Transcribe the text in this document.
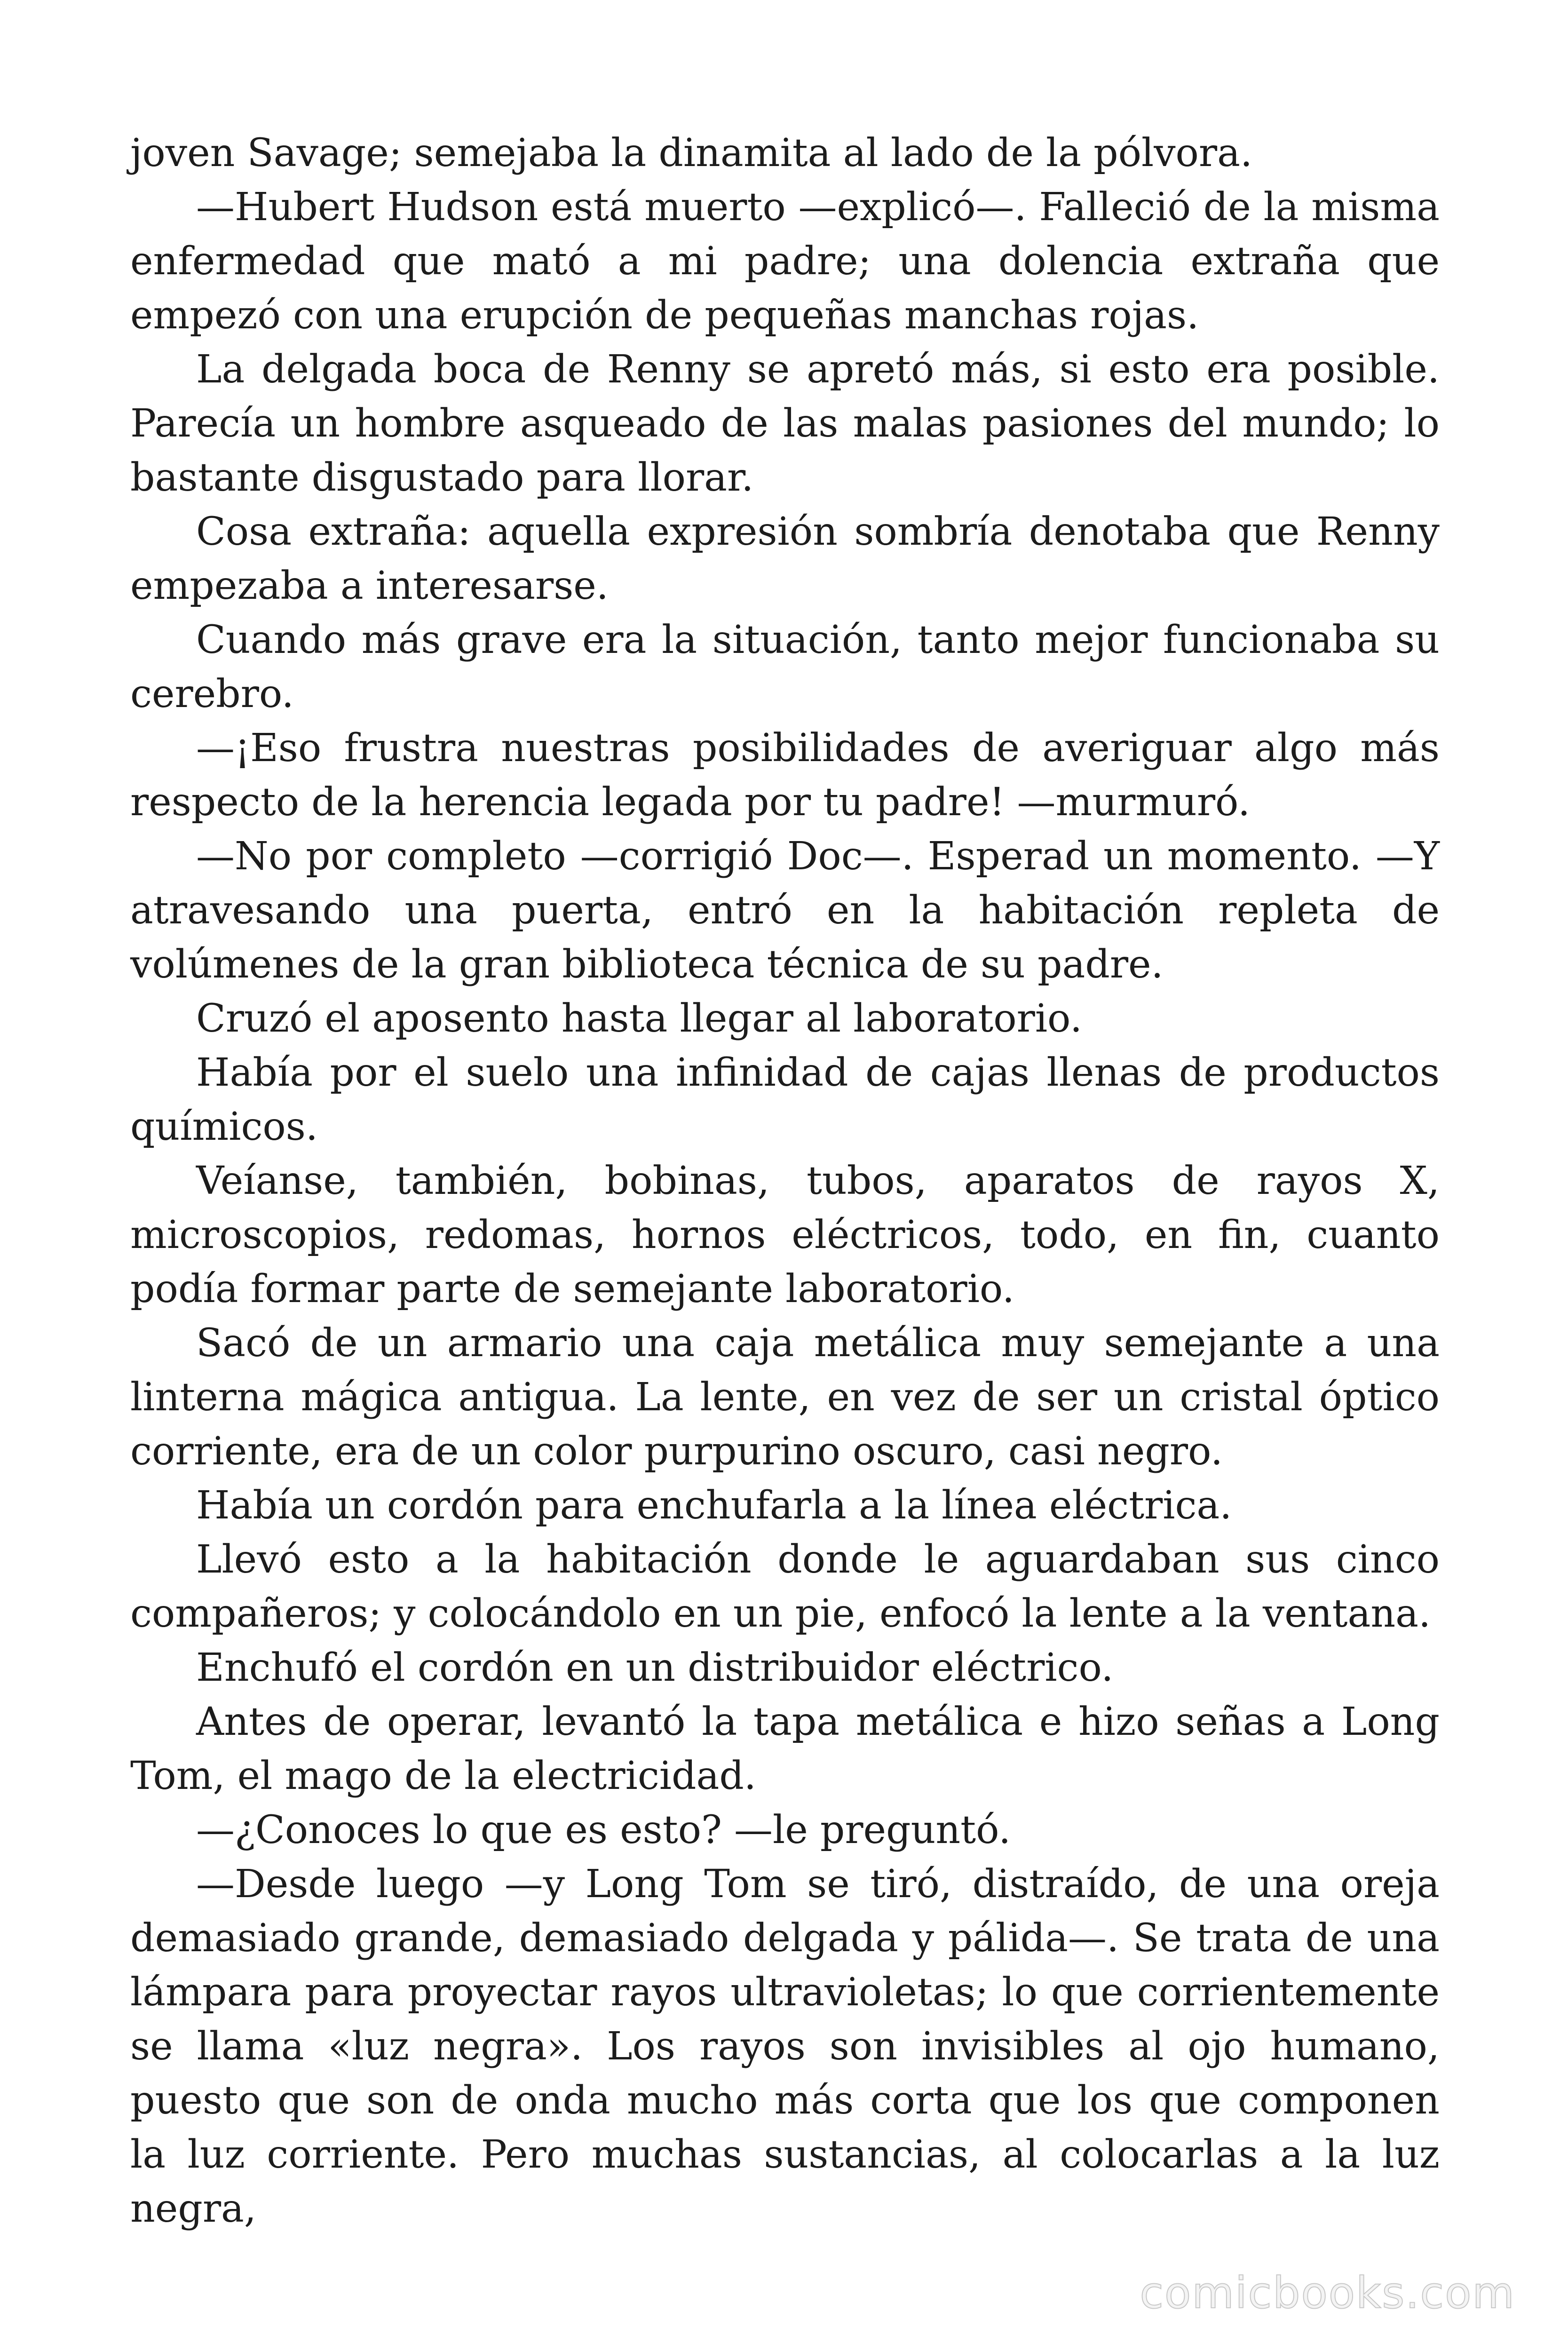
joven Savage; semejaba la dinamita al lado de la pólvora.

—Hubert Hudson está muerto —explicó—. Falleció de la misma enfermedad que mató a mi padre; una dolencia extraña que empezó con una erupción de pequeñas manchas rojas.

La delgada boca de Renny se apretó más, si esto era posible. Parecía un hombre asqueado de las malas pasiones del mundo; lo bastante disgustado para llorar.

Cosa extraña: aquella expresión sombría denotaba que Renny empezaba a interesarse.

Cuando más grave era la situación, tanto mejor funcionaba su cerebro.

—¡Eso frustra nuestras posibilidades de averiguar algo más respecto de la herencia legada por tu padre! —murmuró.

—No por completo —corrigió Doc—. Esperad un momento. —Y atravesando una puerta, entró en la habitación repleta de volúmenes de la gran biblioteca técnica de su padre.

Cruzó el aposento hasta llegar al laboratorio.

Había por el suelo una infinidad de cajas llenas de productos químicos.

Veíanse, también, bobinas, tubos, aparatos de rayos X, microscopios, redomas, hornos eléctricos, todo, en fin, cuanto podía formar parte de semejante laboratorio.

Sacó de un armario una caja metálica muy semejante a una linterna mágica antigua. La lente, en vez de ser un cristal óptico corriente, era de un color purpurino oscuro, casi negro.

Había un cordón para enchufarla a la línea eléctrica.

Llevó esto a la habitación donde le aguardaban sus cinco compañeros; y colocándolo en un pie, enfocó la lente a la ventana.

Enchufó el cordón en un distribuidor eléctrico.

Antes de operar, levantó la tapa metálica e hizo señas a Long Tom, el mago de la electricidad.

—¿Conoces lo que es esto? —le preguntó.

—Desde luego —y Long Tom se tiró, distraído, de una oreja demasiado grande, demasiado delgada y pálida—. Se trata de una lámpara para proyectar rayos ultravioletas; lo que corrientemente se llama «luz negra». Los rayos son invisibles al ojo humano, puesto que son de onda mucho más corta que los que componen la luz corriente. Pero muchas sustancias, al colocarlas a la luz negra,

comicbooks.com
